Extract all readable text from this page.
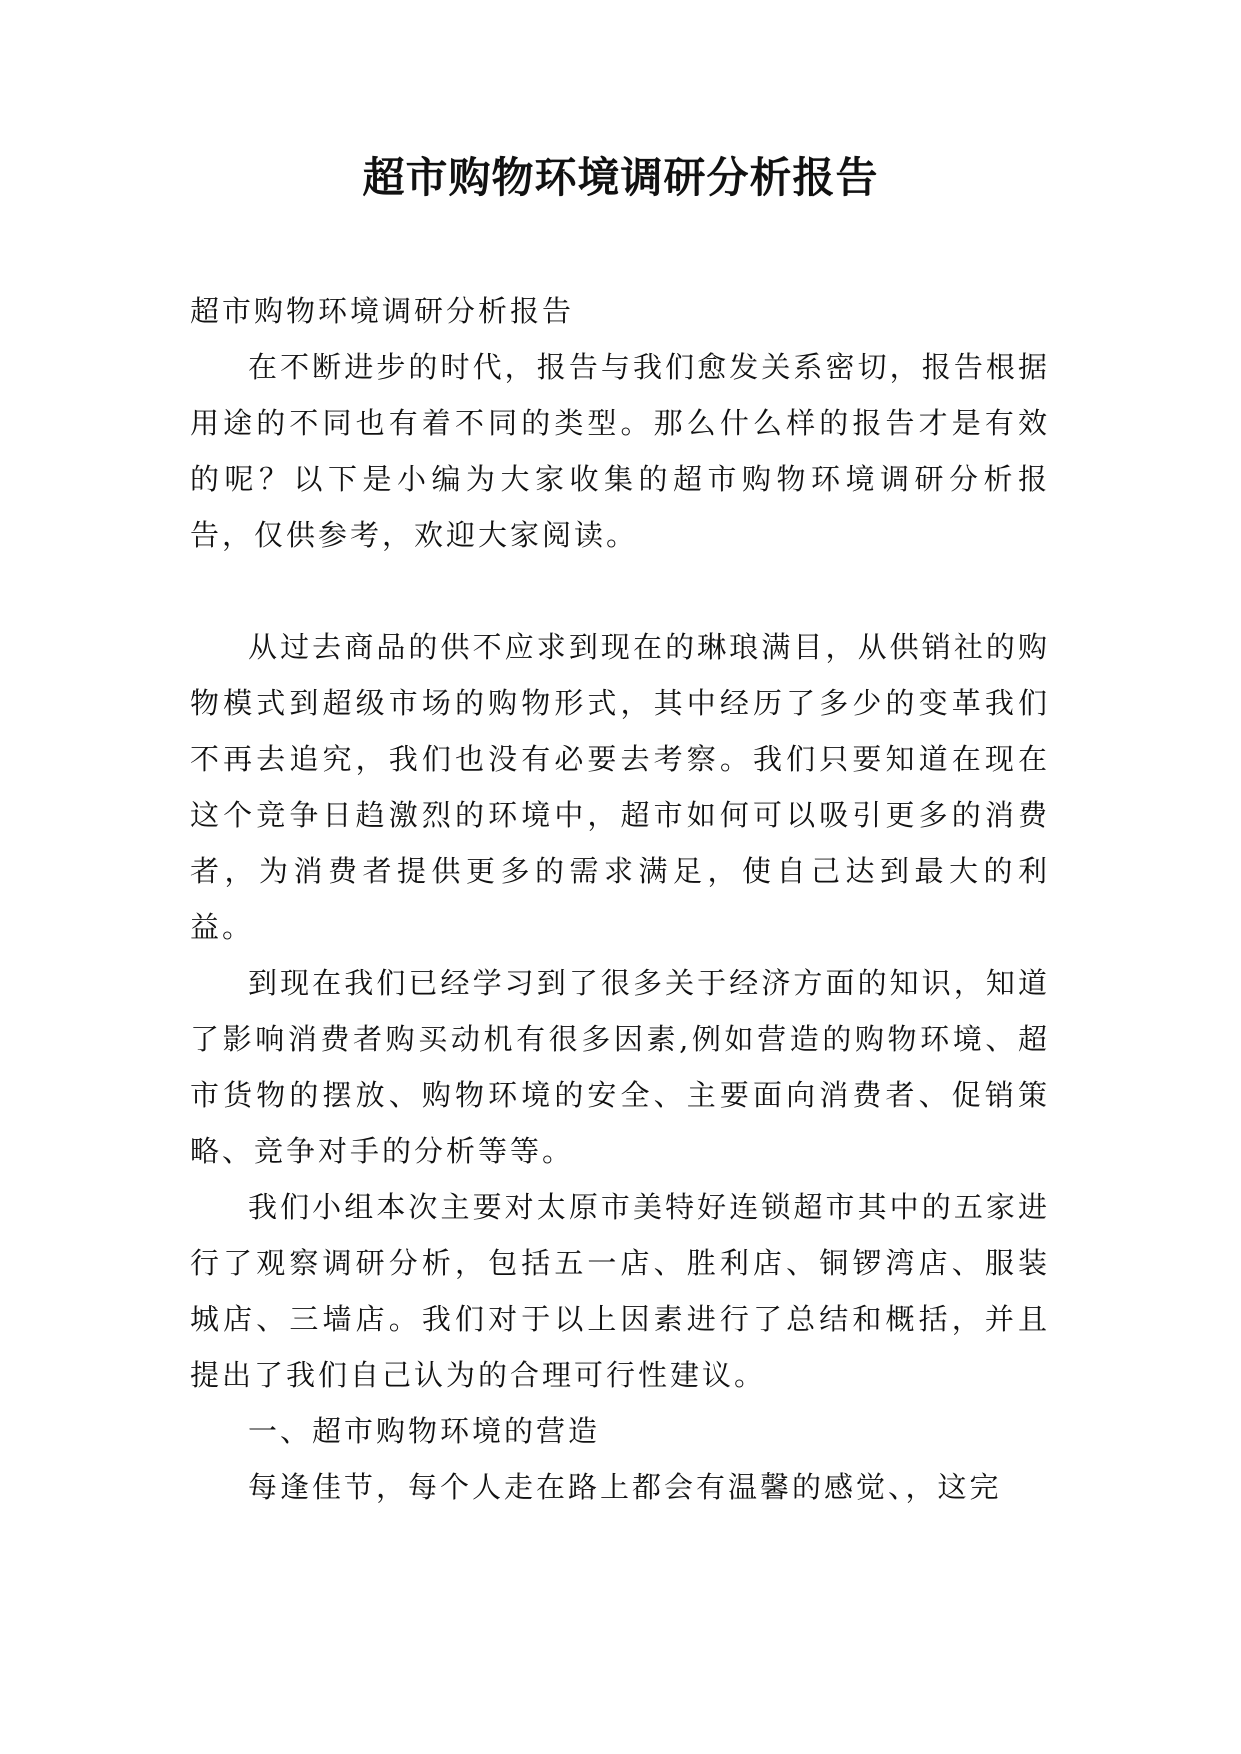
超市购物环境调研分析报告

超市购物环境调研分析报告

在不断进步的时代，报告与我们愈发关系密切，报告根据用途的不同也有着不同的类型。那么什么样的报告才是有效的呢？以下是小编为大家收集的超市购物环境调研分析报告，仅供参考，欢迎大家阅读。

从过去商品的供不应求到现在的琳琅满目，从供销社的购物模式到超级市场的购物形式，其中经历了多少的变革我们不再去追究，我们也没有必要去考察。我们只要知道在现在这个竞争日趋激烈的环境中，超市如何可以吸引更多的消费者，为消费者提供更多的需求满足，使自己达到最大的利益。

到现在我们已经学习到了很多关于经济方面的知识，知道了影响消费者购买动机有很多因素,例如营造的购物环境、超市货物的摆放、购物环境的安全、主要面向消费者、促销策略、竞争对手的分析等等。

我们小组本次主要对太原市美特好连锁超市其中的五家进行了观察调研分析，包括五一店、胜利店、铜锣湾店、服装城店、三墙店。我们对于以上因素进行了总结和概括，并且提出了我们自己认为的合理可行性建议。

一、超市购物环境的营造

每逢佳节，每个人走在路上都会有温馨的感觉、，这完
